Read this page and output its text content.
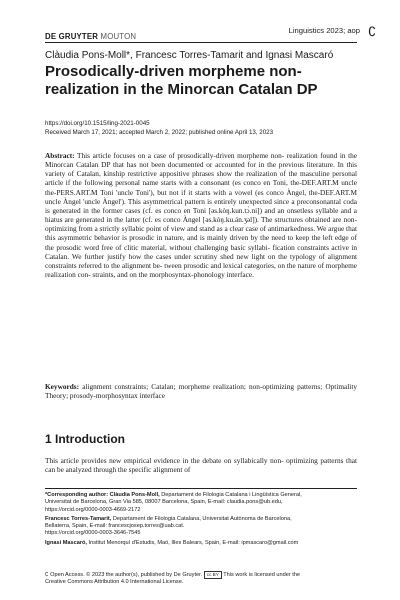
DE GRUYTER MOUTON
Linguistics 2023; aop ∁
Clàudia Pons-Moll*, Francesc Torres-Tamarit and Ignasi Mascaró
Prosodically-driven morpheme non-realization in the Minorcan Catalan DP
https://doi.org/10.1515/ling-2021-0045
Received March 17, 2021; accepted March 2, 2022; published online April 13, 2023
Abstract: This article focuses on a case of prosodically-driven morpheme non- realization found in the Minorcan Catalan DP that has not been documented or accounted for in the previous literature. In this variety of Catalan, kinship restrictive appositive phrases show the realization of the masculine personal article if the following personal name starts with a consonant (es conco en Toni, the-DEF.ART.M uncle the-PERS.ART.M Toni 'uncle Toni'), but not if it starts with a vowel (es conco Àngel, the-DEF.ART.M uncle Àngel 'uncle Àngel'). This asymmetrical pattern is entirely unexpected since a preconsonantal coda is generated in the former cases (cf. es conco en Toni [əs.kòŋ.kun.tɔ̀.ni]) and an onsetless syllable and a hiatus are generated in the latter (cf. es conco Àngel [əs.kòŋ.ku.án.ʒəl]). The structures obtained are non-optimizing from a strictly syllabic point of view and stand as a clear case of antimarkedness. We argue that this asymmetric behavior is prosodic in nature, and is mainly driven by the need to keep the left edge of the prosodic word free of clitic material, without challenging basic syllabi- fication constraints active in Catalan. We further justify how the cases under scrutiny shed new light on the typology of alignment constraints referred to the alignment be- tween prosodic and lexical categories, on the nature of morpheme realization con- straints, and on the morphosyntax-phonology interface.
Keywords: alignment constraints; Catalan; morpheme realization; non-optimizing patterns; Optimality Theory; prosody-morphosyntax interface
1 Introduction
This article provides new empirical evidence in the debate on syllabically non- optimizing patterns that can be analyzed through the specific alignment of
*Corresponding author: Clàudia Pons-Moll, Departament de Filologia Catalana i Lingüística General,
Universitat de Barcelona, Gran Via 585, 08007 Barcelona, Spain, E-mail: claudia.pons@ub.edu,
https://orcid.org/0000-0003-4669-2172
Francesc Torres-Tamarit, Departament de Filologia Catalana, Universitat Autònoma de Barcelona,
Bellaterra, Spain, E-mail: francescjosep.torres@uab.cat.
https://orcid.org/0000-0003-3646-7545
Ignasi Mascaró, Institut Menorquí d'Estudis, Maó, Illes Balears, Spain, E-mail: ipmascaro@gmail.com
∁ Open Access. © 2023 the author(s), published by De Gruyter. cc BY This work is licensed under the
Creative Commons Attribution 4.0 International License.
